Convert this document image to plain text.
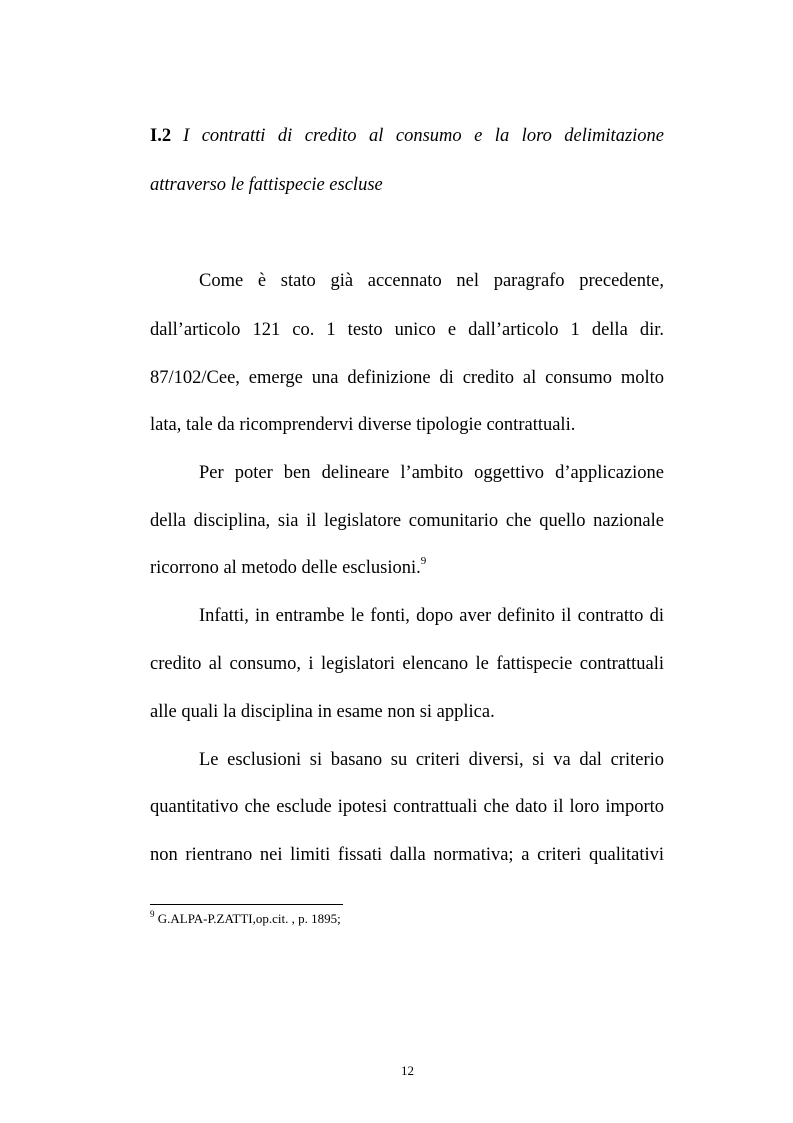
I.2 I contratti di credito al consumo e la loro delimitazione
attraverso le fattispecie escluse
Come è stato già accennato nel paragrafo precedente,
dall’articolo 121 co. 1 testo unico e dall’articolo 1 della dir.
87/102/Cee, emerge una definizione di credito al consumo molto
lata, tale da ricomprendervi diverse tipologie contrattuali.
Per poter ben delineare l’ambito oggettivo d’applicazione
della disciplina, sia il legislatore comunitario che quello nazionale
ricorrono al metodo delle esclusioni.$^9$
Infatti, in entrambe le fonti, dopo aver definito il contratto di
credito al consumo, i legislatori elencano le fattispecie contrattuali
alle quali la disciplina in esame non si applica.
Le esclusioni si basano su criteri diversi, si va dal criterio
quantitativo che esclude ipotesi contrattuali che dato il loro importo
non rientrano nei limiti fissati dalla normativa; a criteri qualitativi
$^9$ G.ALPA-P.ZATTI,op.cit. , p. 1895;
12
